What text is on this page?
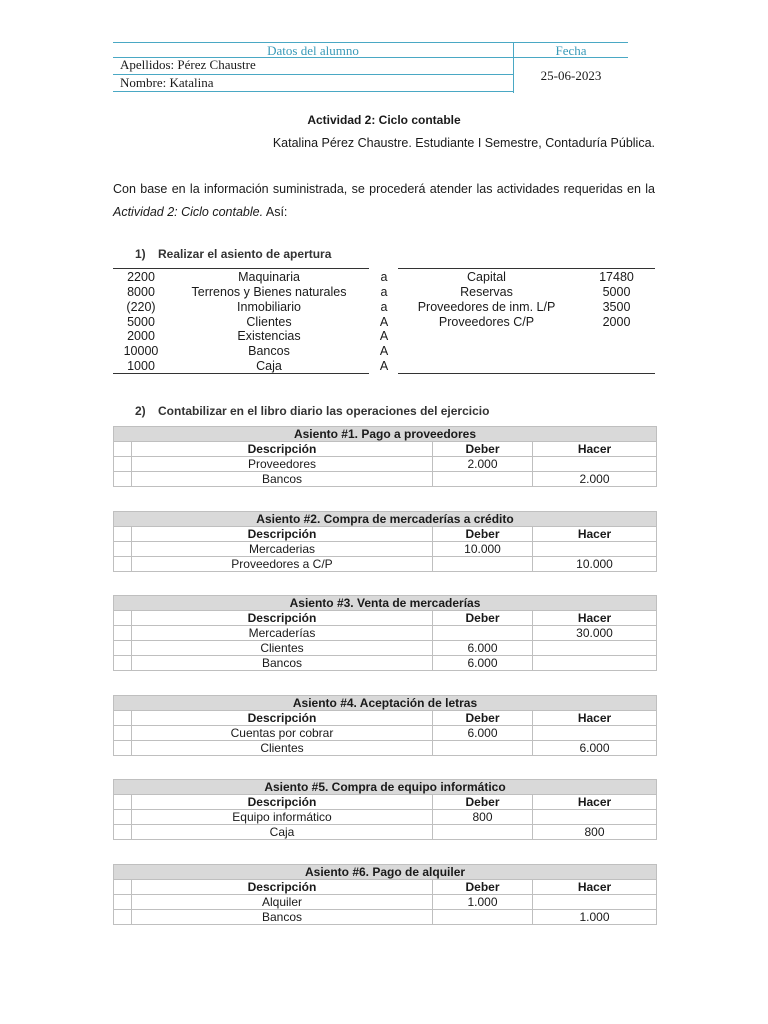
Datos del alumno	Fecha
Apellidos: Pérez Chaustre
Nombre: Katalina	25-06-2023
Actividad 2: Ciclo contable
Katalina Pérez Chaustre. Estudiante I Semestre, Contaduría Pública.
Con base en la información suministrada, se procederá atender las actividades requeridas en la Actividad 2: Ciclo contable. Así:
1) Realizar el asiento de apertura
2200	Maquinaria	a	Capital	17480
8000	Terrenos y Bienes naturales	a	Reservas	5000
(220)	Inmobiliario	a	Proveedores de inm. L/P	3500
5000	Clientes	A	Proveedores C/P	2000
2000	Existencias	A
10000	Bancos	A
1000	Caja	A
2) Contabilizar en el libro diario las operaciones del ejercicio
Asiento #1. Pago a proveedores			
	Descripción	Deber	Hacer
	Proveedores	2.000	
	Bancos		2.000
Asiento #2. Compra de mercaderías a crédito			
	Descripción	Deber	Hacer
	Mercaderias	10.000	
	Proveedores a C/P		10.000
Asiento #3. Venta de mercaderías			
	Descripción	Deber	Hacer
	Mercaderías		30.000
	Clientes	6.000	
	Bancos	6.000	
Asiento #4. Aceptación de letras			
	Descripción	Deber	Hacer
	Cuentas por cobrar	6.000	
	Clientes		6.000
Asiento #5. Compra de equipo informático			
	Descripción	Deber	Hacer
	Equipo informático	800	
	Caja		800
Asiento #6. Pago de alquiler			
	Descripción	Deber	Hacer
	Alquiler	1.000	
	Bancos		1.000
